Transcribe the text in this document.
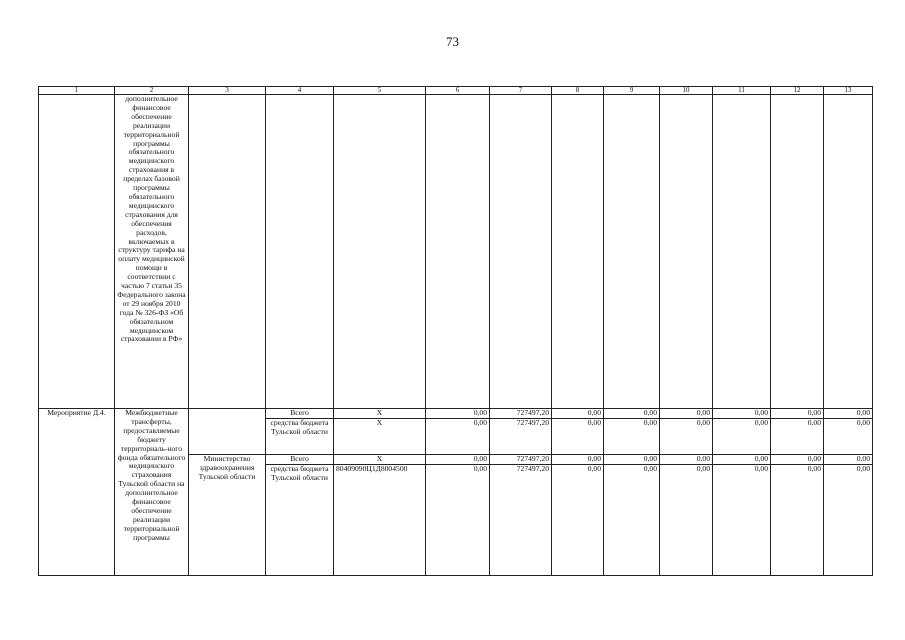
73
1	2	3	4	5	6	7	8	9	10	11	12	13
	дополнительное финансовое обеспечение реализации территориальной программы обязательного медицинского страхования в пределах базовой программы обязательного медицинского страхования для обеспечения расходов, включаемых в структуру тарифа на оплату медицинской помощи в соответствии с частью 7 статьи 35 Федерального закона от 29 ноября 2010 года № 326-ФЗ «Об обязательном медицинском страховании в РФ»											
Мероприятие Д.4.	Межбюджетные трансферты, предоставляемые бюджету территориаль-ного фонда обязательного медицинского страхования Тульской области на дополнительное финансовое обеспечение реализации территориальной программы		Всего	X	0,00	727497,20	0,00	0,00	0,00	0,00	0,00	0,00
			средства бюджета Тульской области	X	0,00	727497,20	0,00	0,00	0,00	0,00	0,00	0,00
		Министерство здравоохранения Тульской области	Всего	X	0,00	727497,20	0,00	0,00	0,00	0,00	0,00	0,00
			средства бюджета Тульской области	80409090Ц1Д8004500	0,00	727497,20	0,00	0,00	0,00	0,00	0,00	0,00
